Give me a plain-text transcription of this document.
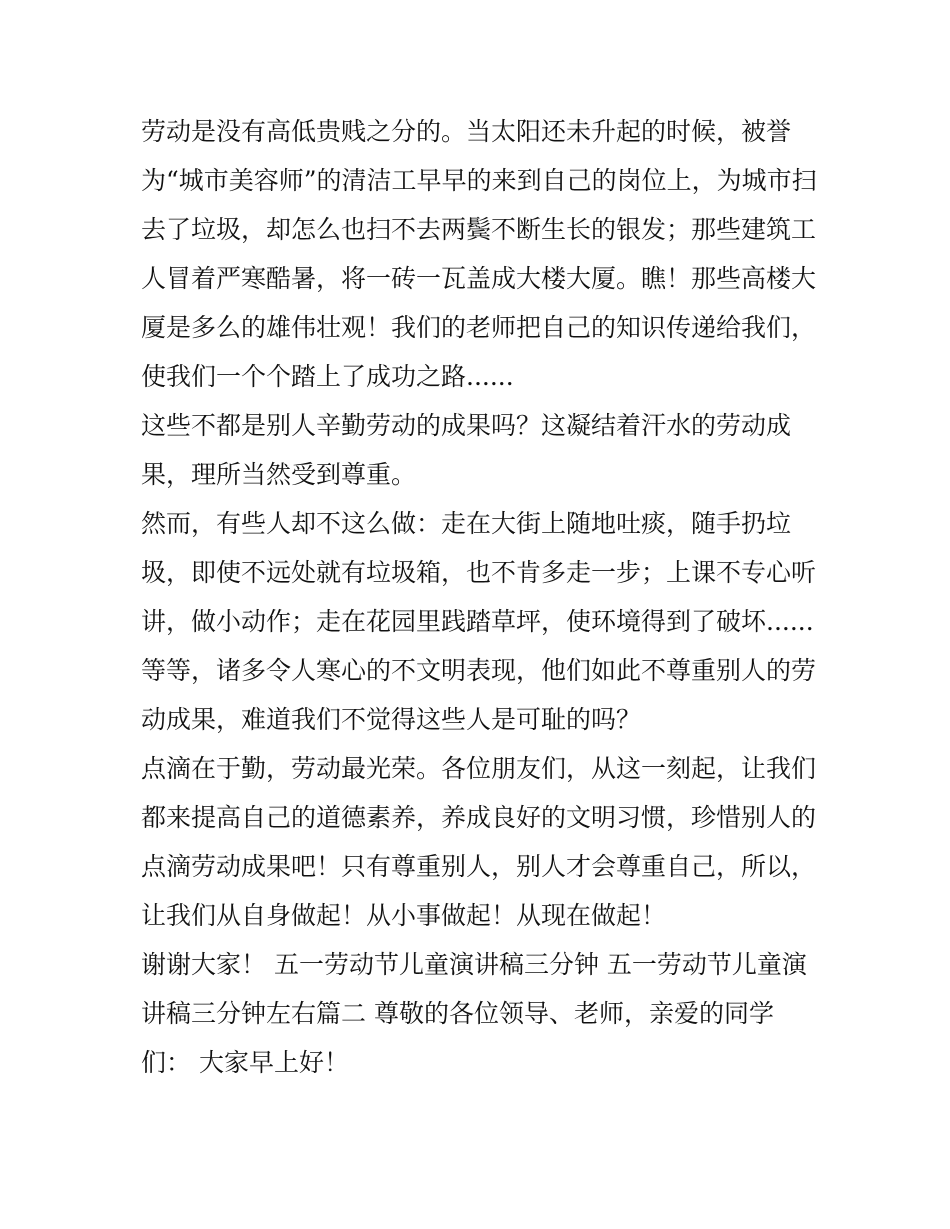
劳动是没有高低贵贱之分的。当太阳还未升起的时候，被誉
为“城市美容师”的清洁工早早的来到自己的岗位上，为城市扫
去了垃圾，却怎么也扫不去两鬓不断生长的银发；那些建筑工
人冒着严寒酷暑，将一砖一瓦盖成大楼大厦。瞧！那些高楼大
厦是多么的雄伟壮观！我们的老师把自己的知识传递给我们，
使我们一个个踏上了成功之路......
这些不都是别人辛勤劳动的成果吗？这凝结着汗水的劳动成
果，理所当然受到尊重。
然而，有些人却不这么做：走在大街上随地吐痰，随手扔垃
圾，即使不远处就有垃圾箱，也不肯多走一步；上课不专心听
讲，做小动作；走在花园里践踏草坪，使环境得到了破坏......
等等，诸多令人寒心的不文明表现，他们如此不尊重别人的劳
动成果，难道我们不觉得这些人是可耻的吗？
点滴在于勤，劳动最光荣。各位朋友们，从这一刻起，让我们
都来提高自己的道德素养，养成良好的文明习惯，珍惜别人的
点滴劳动成果吧！只有尊重别人，别人才会尊重自己，所以，
让我们从自身做起！从小事做起！从现在做起！
谢谢大家！ 五一劳动节儿童演讲稿三分钟 五一劳动节儿童演
讲稿三分钟左右篇二 尊敬的各位领导、老师，亲爱的同学
们： 大家早上好！
